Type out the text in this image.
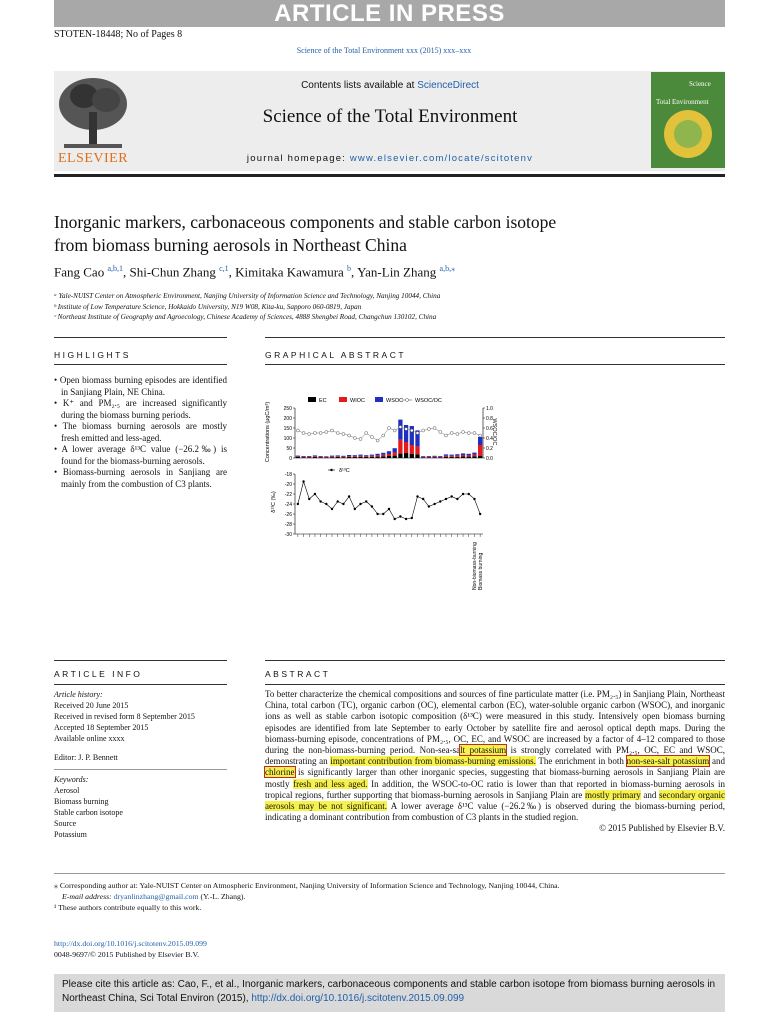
ARTICLE IN PRESS
STOTEN-18448; No of Pages 8
Science of the Total Environment xxx (2015) xxx–xxx
ELSEVIER
Contents lists available at ScienceDirect
Science of the Total Environment
journal homepage: www.elsevier.com/locate/scitotenv
Science
Total Environment
Inorganic markers, carbonaceous components and stable carbon isotope
from biomass burning aerosols in Northeast China
Fang Cao $^{a,b,1}$, Shi-Chun Zhang $^{c,1}$, Kimitaka Kawamura $^b$, Yan-Lin Zhang $^{a,b,⁎}$
ᵃ Yale-NUIST Center on Atmospheric Environment, Nanjing University of Information Science and Technology, Nanjing 10044, China
ᵇ Institute of Low Temperature Science, Hokkaido University, N19 W08, Kita-ku, Sapporo 060-0819, Japan
ᶜ Northeast Institute of Geography and Agroecology, Chinese Academy of Sciences, 4888 Shengbei Road, Changchun 130102, China
HIGHLIGHTS
• Open biomass burning episodes are identified in Sanjiang Plain, NE China.
• K⁺ and PM₂.₅ are increased significantly during the biomass burning periods.
• The biomass burning aerosols are mostly fresh emitted and less-aged.
• A lower average δ¹³C value (−26.2‰) is found for the biomass-burning aerosols.
• Biomass-burning aerosols in Sanjiang are mainly from the combustion of C3 plants.
GRAPHICAL ABSTRACT
Concentrations (μgC/m³)
δ¹³C (‰)
WSOC/OC
EC	WIOC	WSOC WSOC/OC
δ¹³C
Non-biomass-burning Biomass burning
250
200
150
100
50
0
1.0
0.8
0.6
0.4
0.2
0.0
-18
-20
-22
-24
-26
-28
-30
ARTICLE INFO
Article history:
Received 20 June 2015
Received in revised form 8 September 2015
Accepted 18 September 2015
Available online xxxx
Editor: J. P. Bennett
Keywords:
Aerosol
Biomass burning
Stable carbon isotope
Source
Potassium
ABSTRACT
To better characterize the chemical compositions and sources of fine particulate matter (i.e. PM₂.₅) in Sanjiang Plain, Northeast China, total carbon (TC), organic carbon (OC), elemental carbon (EC), water-soluble organic carbon (WSOC), and inorganic ions as well as stable carbon isotopic composition (δ¹³C) were measured in this study. Intensively open biomass burning episodes are identified from late September to early October by satellite fire and aerosol optical depth maps. During the biomass-burning episode, concentrations of PM₂.₅, OC, EC, and WSOC are increased by a factor of 4–12 compared to those during the non-biomass-burning period. Non-sea-salt potassium is strongly correlated with PM₂.₅, OC, EC and WSOC, demonstrating an important contribution from biomass-burning emissions. The enrichment in both non-sea-salt potassium and chlorine is significantly larger than other inorganic species, suggesting that biomass-burning aerosols in Sanjiang Plain are mostly fresh and less aged. In addition, the WSOC-to-OC ratio is lower than that reported in biomass-burning aerosols in tropical regions, further supporting that biomass-burning aerosols in Sanjiang Plain are mostly primary and secondary organic aerosols may be not significant. A lower average δ¹³C value (−26.2‰) is observed during the biomass-burning period, indicating a dominant contribution from combustion of C3 plants in the studied region.
© 2015 Published by Elsevier B.V.
⁎ Corresponding author at: Yale-NUIST Center on Atmospheric Environment, Nanjing University of Information Science and Technology, Nanjing 10044, China.
E-mail address: dryanlinzhang@gmail.com (Y.-L. Zhang).
¹ These authors contribute equally to this work.
http://dx.doi.org/10.1016/j.scitotenv.2015.09.099
0048-9697/© 2015 Published by Elsevier B.V.
Please cite this article as: Cao, F., et al., Inorganic markers, carbonaceous components and stable carbon isotope from biomass burning aerosols in Northeast China, Sci Total Environ (2015), http://dx.doi.org/10.1016/j.scitotenv.2015.09.099
